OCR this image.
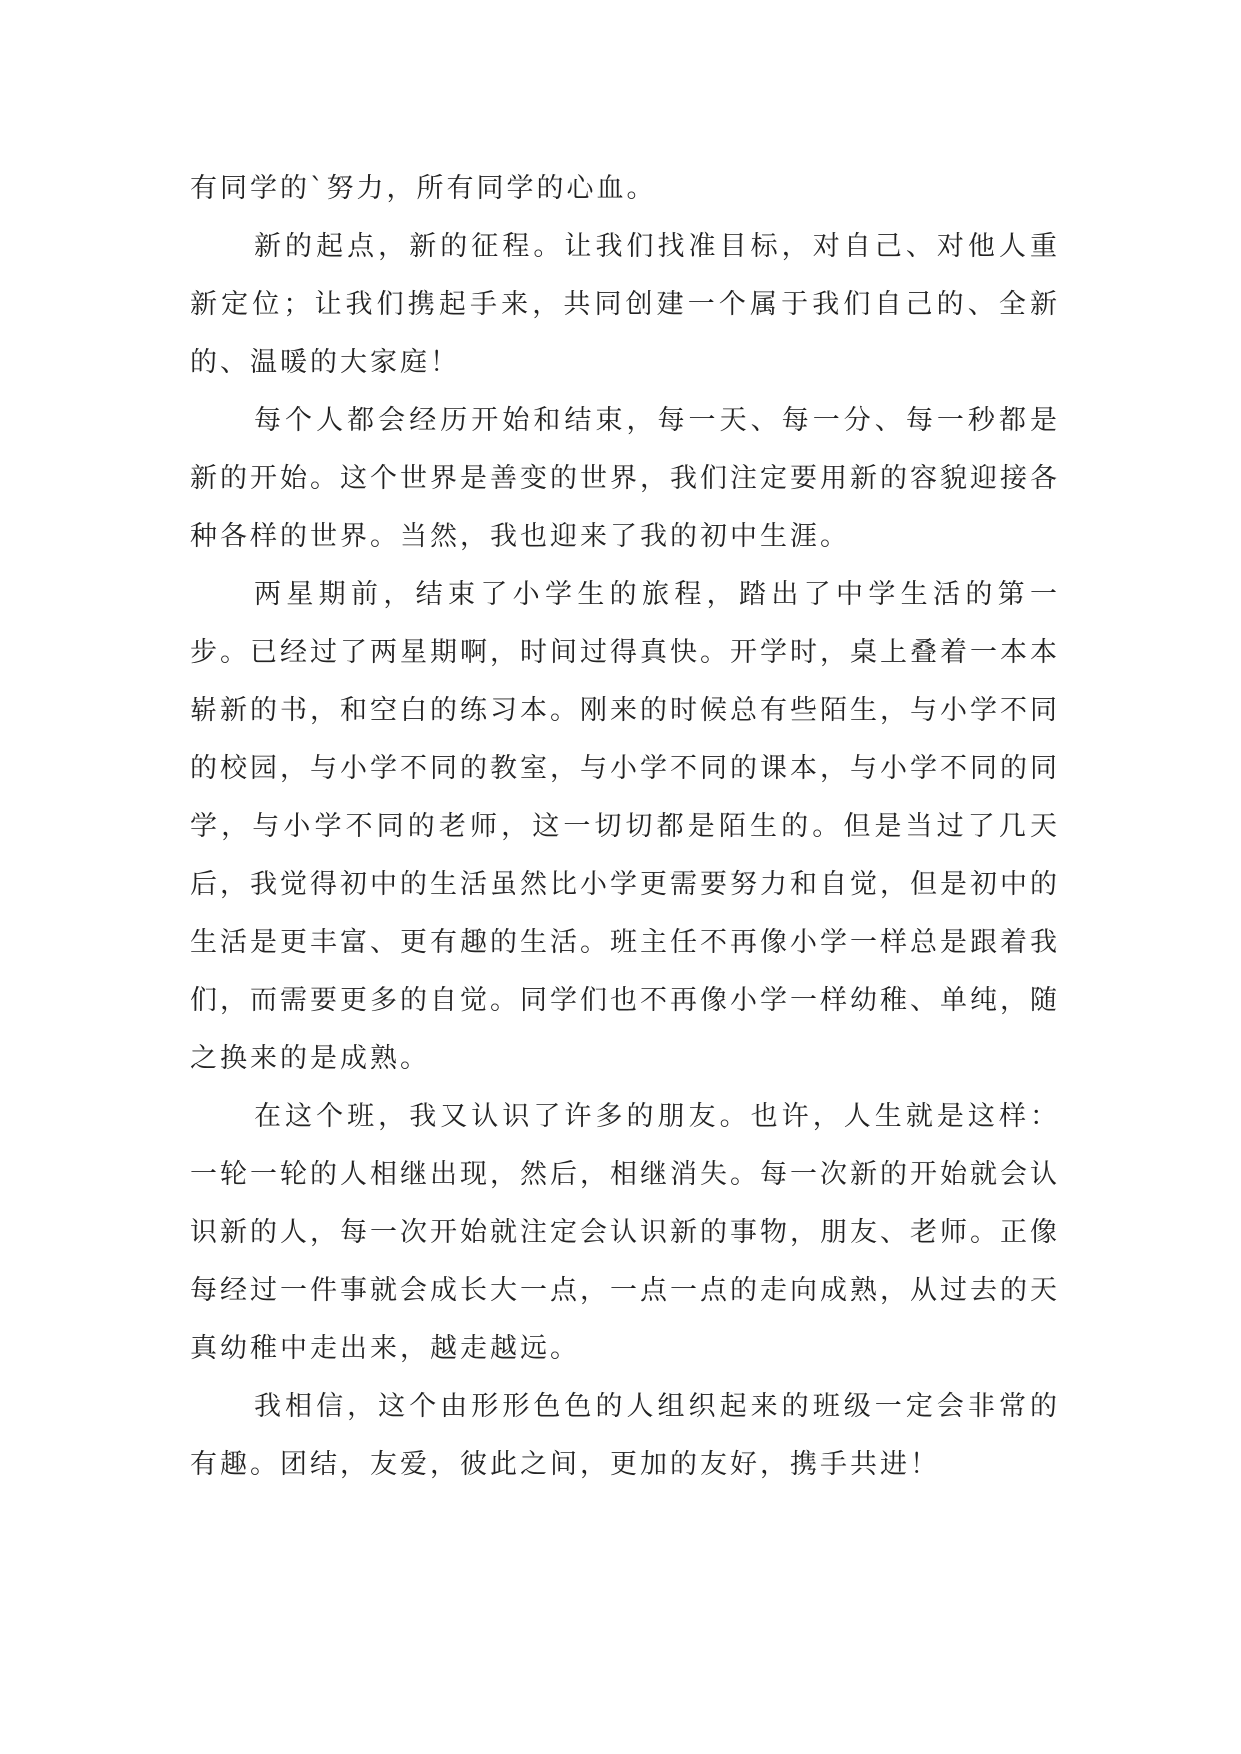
有同学的`努力，所有同学的心血。

新的起点，新的征程。让我们找准目标，对自己、对他人重新定位；让我们携起手来，共同创建一个属于我们自己的、全新的、温暖的大家庭！

每个人都会经历开始和结束，每一天、每一分、每一秒都是新的开始。这个世界是善变的世界，我们注定要用新的容貌迎接各种各样的世界。当然，我也迎来了我的初中生涯。

两星期前，结束了小学生的旅程，踏出了中学生活的第一步。已经过了两星期啊，时间过得真快。开学时，桌上叠着一本本崭新的书，和空白的练习本。刚来的时候总有些陌生，与小学不同的校园，与小学不同的教室，与小学不同的课本，与小学不同的同学，与小学不同的老师，这一切切都是陌生的。但是当过了几天后，我觉得初中的生活虽然比小学更需要努力和自觉，但是初中的生活是更丰富、更有趣的生活。班主任不再像小学一样总是跟着我们，而需要更多的自觉。同学们也不再像小学一样幼稚、单纯，随之换来的是成熟。

在这个班，我又认识了许多的朋友。也许，人生就是这样：一轮一轮的人相继出现，然后，相继消失。每一次新的开始就会认识新的人，每一次开始就注定会认识新的事物，朋友、老师。正像每经过一件事就会成长大一点，一点一点的走向成熟，从过去的天真幼稚中走出来，越走越远。

我相信，这个由形形色色的人组织起来的班级一定会非常的有趣。团结，友爱，彼此之间，更加的友好，携手共进！
